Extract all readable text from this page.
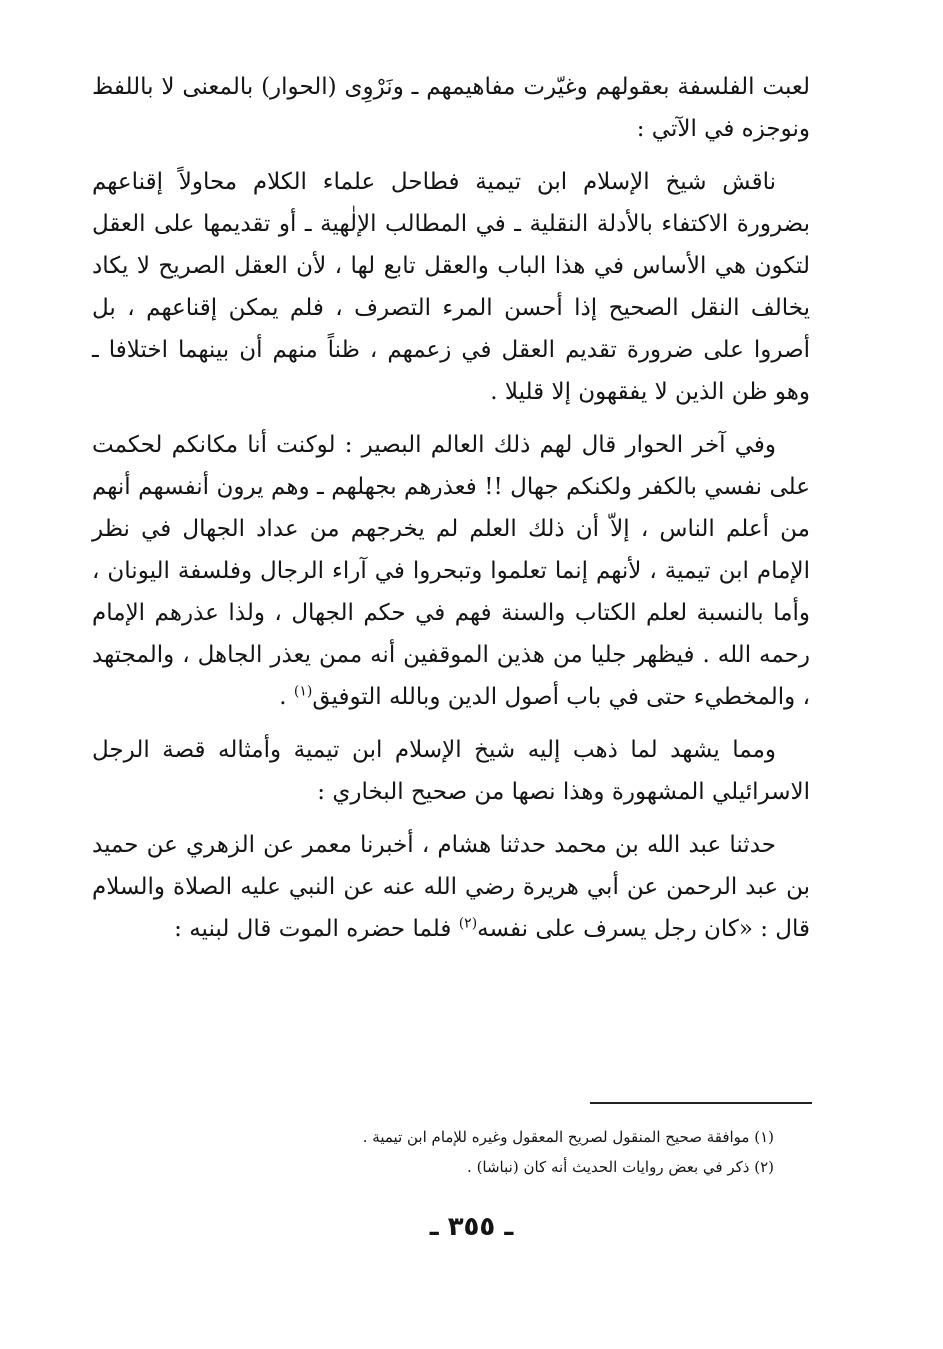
لعبت الفلسفة بعقولهم وغيّرت مفاهيمهم ـ ونَرْوِى (الحوار) بالمعنى لا باللفظ ونوجزه في الآتي :

ناقش شيخ الإسلام ابن تيمية فطاحل علماء الكلام محاولاً إقناعهم بضرورة الاكتفاء بالأدلة النقلية ـ في المطالب الإلٰهية ـ أو تقديمها على العقل لتكون هي الأساس في هذا الباب والعقل تابع لها ، لأن العقل الصريح لا يكاد يخالف النقل الصحيح إذا أحسن المرء التصرف ، فلم يمكن إقناعهم ، بل أصروا على ضرورة تقديم العقل في زعمهم ، ظناً منهم أن بينهما اختلافا ـ وهو ظن الذين لا يفقهون إلا قليلا .

وفي آخر الحوار قال لهم ذلك العالم البصير : لوكنت أنا مكانكم لحكمت على نفسي بالكفر ولكنكم جهال !! فعذرهم بجهلهم ـ وهم يرون أنفسهم أنهم من أعلم الناس ، إلاّ أن ذلك العلم لم يخرجهم من عداد الجهال في نظر الإمام ابن تيمية ، لأنهم إنما تعلموا وتبحروا في آراء الرجال وفلسفة اليونان ، وأما بالنسبة لعلم الكتاب والسنة فهم في حكم الجهال ، ولذا عذرهم الإمام رحمه الله . فيظهر جليا من هذين الموقفين أنه ممن يعذر الجاهل ، والمجتهد ، والمخطيء حتى في باب أصول الدين وبالله التوفيق$^{(١)}$ .

ومما يشهد لما ذهب إليه شيخ الإسلام ابن تيمية وأمثاله قصة الرجل الاسرائيلي المشهورة وهذا نصها من صحيح البخاري :

حدثنا عبد الله بن محمد حدثنا هشام ، أخبرنا معمر عن الزهري عن حميد بن عبد الرحمن عن أبي هريرة رضي الله عنه عن النبي عليه الصلاة والسلام قال : «كان رجل يسرف على نفسه$^{(٢)}$ فلما حضره الموت قال لبنيه :

(١) موافقة صحيح المنقول لصريح المعقول وغيره للإمام ابن تيمية .

(٢) ذكر في بعض روايات الحديث أنه كان (نباشا) .

ـ ٣٥٥ ـ
